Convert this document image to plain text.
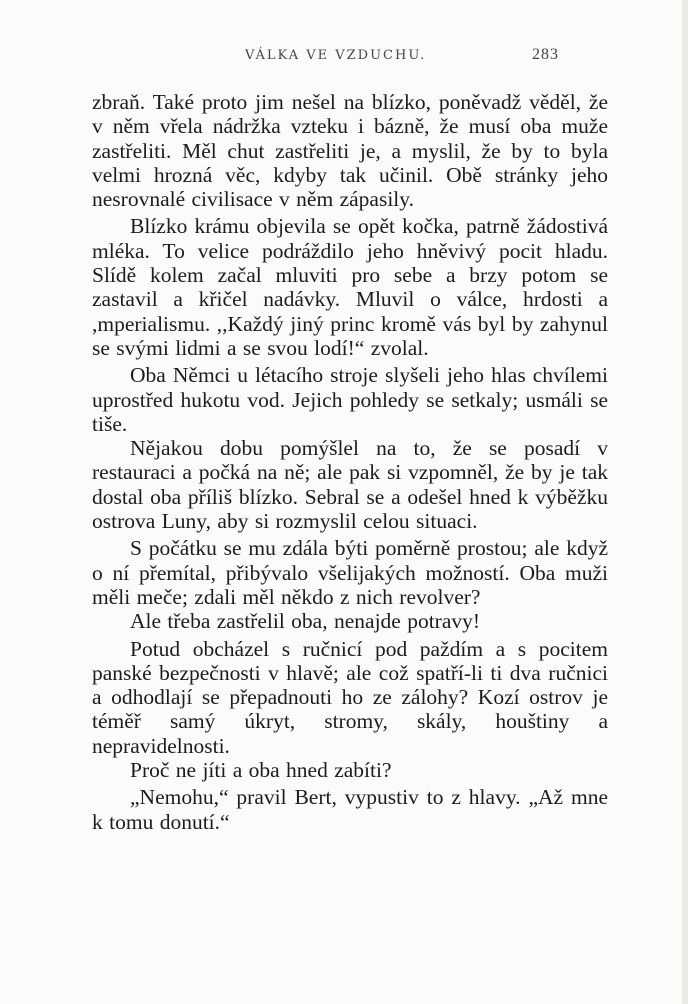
VÁLKA VE VZDUCHU.	283

zbraň. Také proto jim nešel na blízko, poněvadž věděl, že v něm vřela nádržka vzteku i bázně, že musí oba muže zastřeliti. Měl chut zastřeliti je, a myslil, že by to byla velmi hrozná věc, kdyby tak učinil. Obě stránky jeho nesrovnalé civilisace v něm zápasily.

Blízko krámu objevila se opět kočka, patrně žádostivá mléka. To velice podráždilo jeho hněvivý pocit hladu. Slídě kolem začal mluviti pro sebe a brzy potom se zastavil a křičel nadávky. Mluvil o válce, hrdosti a ,mperialismu. ,,Každý jiný princ kromě vás byl by zahynul se svými lidmi a se svou lodí!“ zvolal.

Oba Němci u létacího stroje slyšeli jeho hlas chvílemi uprostřed hukotu vod. Jejich pohledy se setkaly; usmáli se tiše.

Nějakou dobu pomýšlel na to, že se posadí v restauraci a počká na ně; ale pak si vzpomněl, že by je tak dostal oba příliš blízko. Sebral se a odešel hned k výběžku ostrova Luny, aby si rozmyslil celou situaci.

S počátku se mu zdála býti poměrně prostou; ale když o ní přemítal, přibývalo všelijakých možností. Oba muži měli meče; zdali měl někdo z nich revolver?

Ale třeba zastřelil oba, nenajde potravy!

Potud obcházel s ručnicí pod paždím a s pocitem panské bezpečnosti v hlavě; ale což spatří-li ti dva ručnici a odhodlají se přepadnouti ho ze zálohy? Kozí ostrov je téměř samý úkryt, stromy, skály, houštiny a nepravidelnosti.

Proč ne jíti a oba hned zabíti?

„Nemohu,“ pravil Bert, vypustiv to z hlavy. „Až mne k tomu donutí.“
